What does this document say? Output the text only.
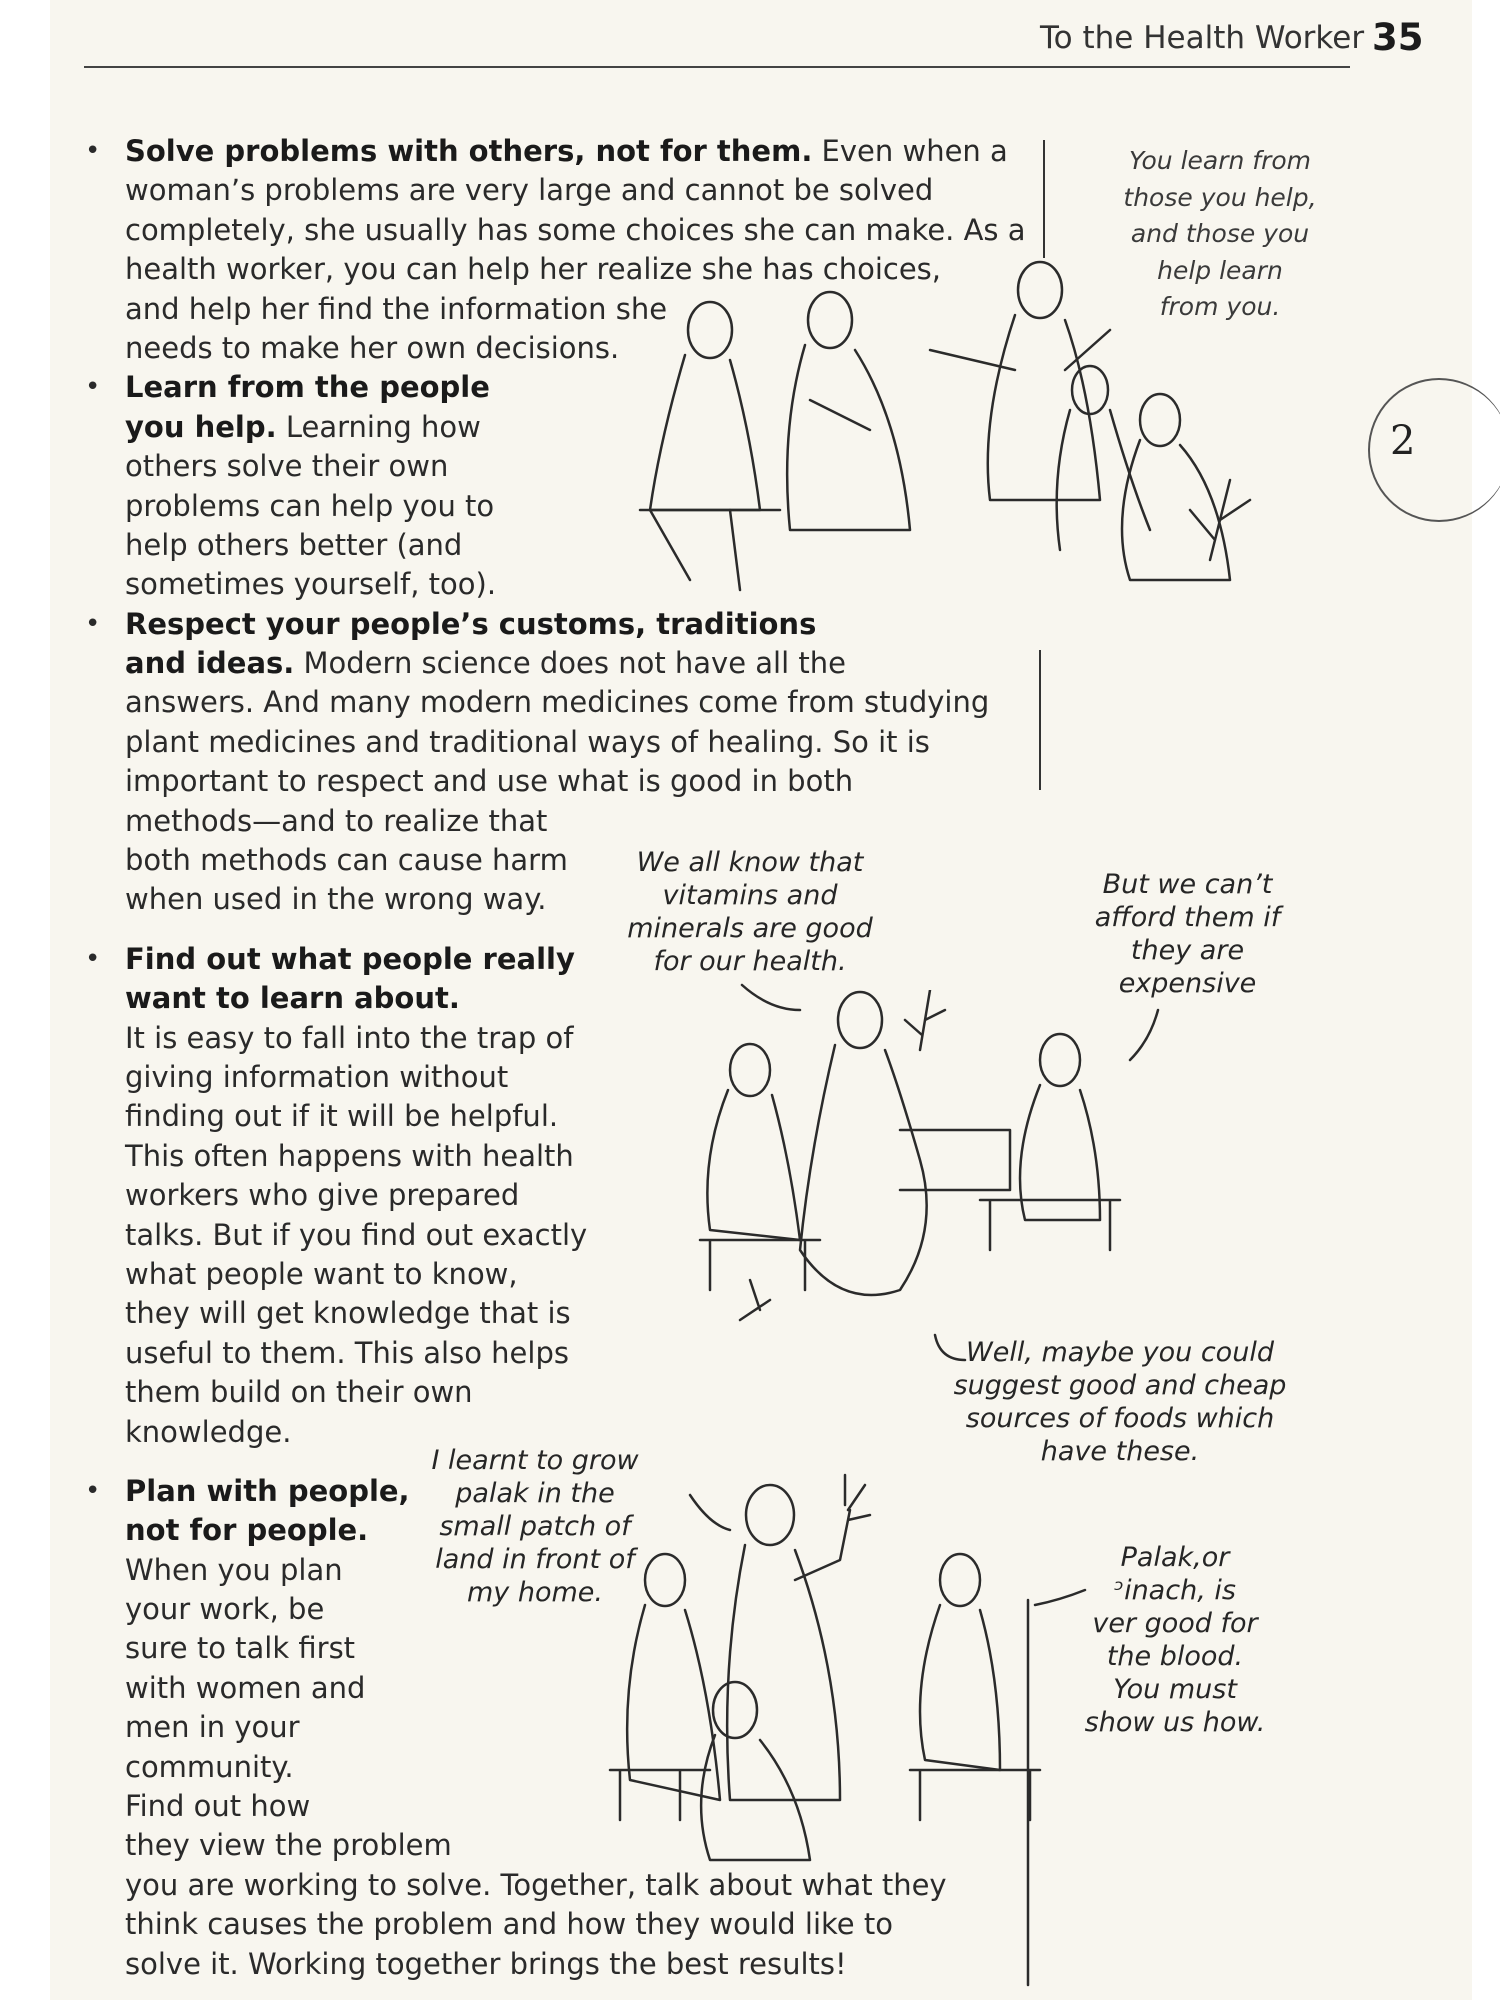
To the Health Worker 35
2
You learn from
those you help,
and those you
help learn
from you.
• Solve problems with others, not for them. Even when a
woman’s problems are very large and cannot be solved
completely, she usually has some choices she can make. As a
health worker, you can help her realize she has choices,
and help her find the information she
needs to make her own decisions.
• Learn from the people
you help. Learning how
others solve their own
problems can help you to
help others better (and
sometimes yourself, too).
• Respect your people’s customs, traditions
and ideas. Modern science does not have all the
answers. And many modern medicines come from studying
plant medicines and traditional ways of healing. So it is
important to respect and use what is good in both
methods—and to realize that
both methods can cause harm
when used in the wrong way.
• Find out what people really
want to learn about.
It is easy to fall into the trap of
giving information without
finding out if it will be helpful.
This often happens with health
workers who give prepared
talks. But if you find out exactly
what people want to know,
they will get knowledge that is
useful to them. This also helps
them build on their own
knowledge.
• Plan with people,
not for people.
When you plan
your work, be
sure to talk first
with women and
men in your
community.
Find out how
they view the problem
you are working to solve. Together, talk about what they
think causes the problem and how they would like to
solve it. Working together brings the best results!
We all know that
vitamins and
minerals are good
for our health.
But we can’t
afford them if
they are
expensive
Well, maybe you could
suggest good and cheap
sources of foods which
have these.
I learnt to grow
palak in the
small patch of
land in front of
my home.
Palak,or
ᵓinach, is
ver good for
the blood.
You must
show us how.
